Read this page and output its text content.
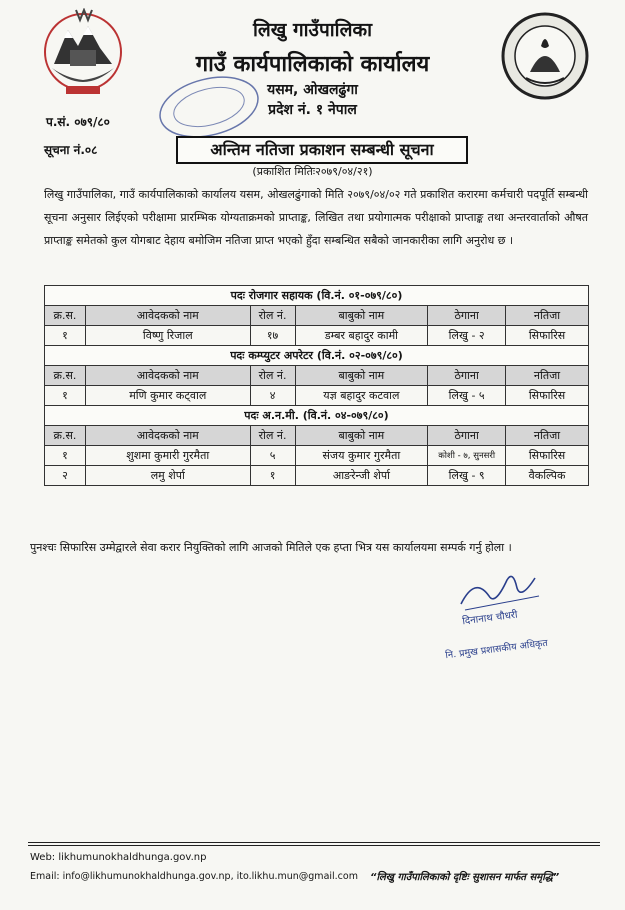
लिखु गाउँपालिका
गाउँ कार्यपालिकाको कार्यालय
यसम, ओखलढुंगा
प्रदेश नं. १ नेपाल
प.सं. ०७९/८०
सूचना नं.०८	अन्तिम नतिजा प्रकाशन सम्बन्धी सूचना
(प्रकाशित मितिः२०७९/०४/२१)
लिखु गाउँपालिका, गाउँ कार्यपालिकाको कार्यालय यसम, ओखलढुंगाको मिति २०७९/०४/०२ गते प्रकाशित करारमा कर्मचारी पदपूर्ति सम्बन्धी सूचना अनुसार लिईएको परीक्षामा प्रारम्भिक योग्यताक्रमको प्राप्ताङ्क, लिखित तथा प्रयोगात्मक परीक्षाको प्राप्ताङ्क तथा अन्तरवार्ताको औषत प्राप्ताङ्क समेतको कुल योगबाट देहाय बमोजिम नतिजा प्राप्त भएको हुँदा सम्बन्धित सबैको जानकारीका लागि अनुरोध छ ।
पदः रोजगार सहायक (वि.नं. ०१-०७९/८०)					
क्र.स.	आवेदकको नाम	रोल नं.	बाबुको नाम	ठेगाना	नतिजा
१	विष्णु रिजाल	१७	डम्बर बहादुर कामी	लिखु - २	सिफारिस
पदः कम्प्युटर अपरेटर (वि.नं. ०२-०७९/८०)					
क्र.स.	आवेदकको नाम	रोल नं.	बाबुको नाम	ठेगाना	नतिजा
१	मणि कुमार कट्वाल	४	यज्ञ बहादुर कटवाल	लिखु - ५	सिफारिस
पदः अ.न.मी. (वि.नं. ०४-०७९/८०)					
क्र.स.	आवेदकको नाम	रोल नं.	बाबुको नाम	ठेगाना	नतिजा
१	शुशमा कुमारी गुरमैता	५	संजय कुमार गुरमैता	कोशी - ७, सुनसरी	सिफारिस
२	लमु शेर्पा	१	आङरेन्जी शेर्पा	लिखु - ९	वैकल्पिक
पुनश्चः सिफारिस उम्मेद्वारले सेवा करार नियुक्तिको लागि आजको मितिले एक हप्ता भित्र यस कार्यालयमा सम्पर्क गर्नु होला ।
दिनानाथ चौधरी
नि. प्रमुख प्रशासकीय अधिकृत
Web: likhumunokhaldhunga.gov.np
Email: info@likhumunokhaldhunga.gov.np, ito.likhu.mun@gmail.com “लिखु गाउँपालिकाको दृष्टिः सुशासन मार्फत समृद्धि”
